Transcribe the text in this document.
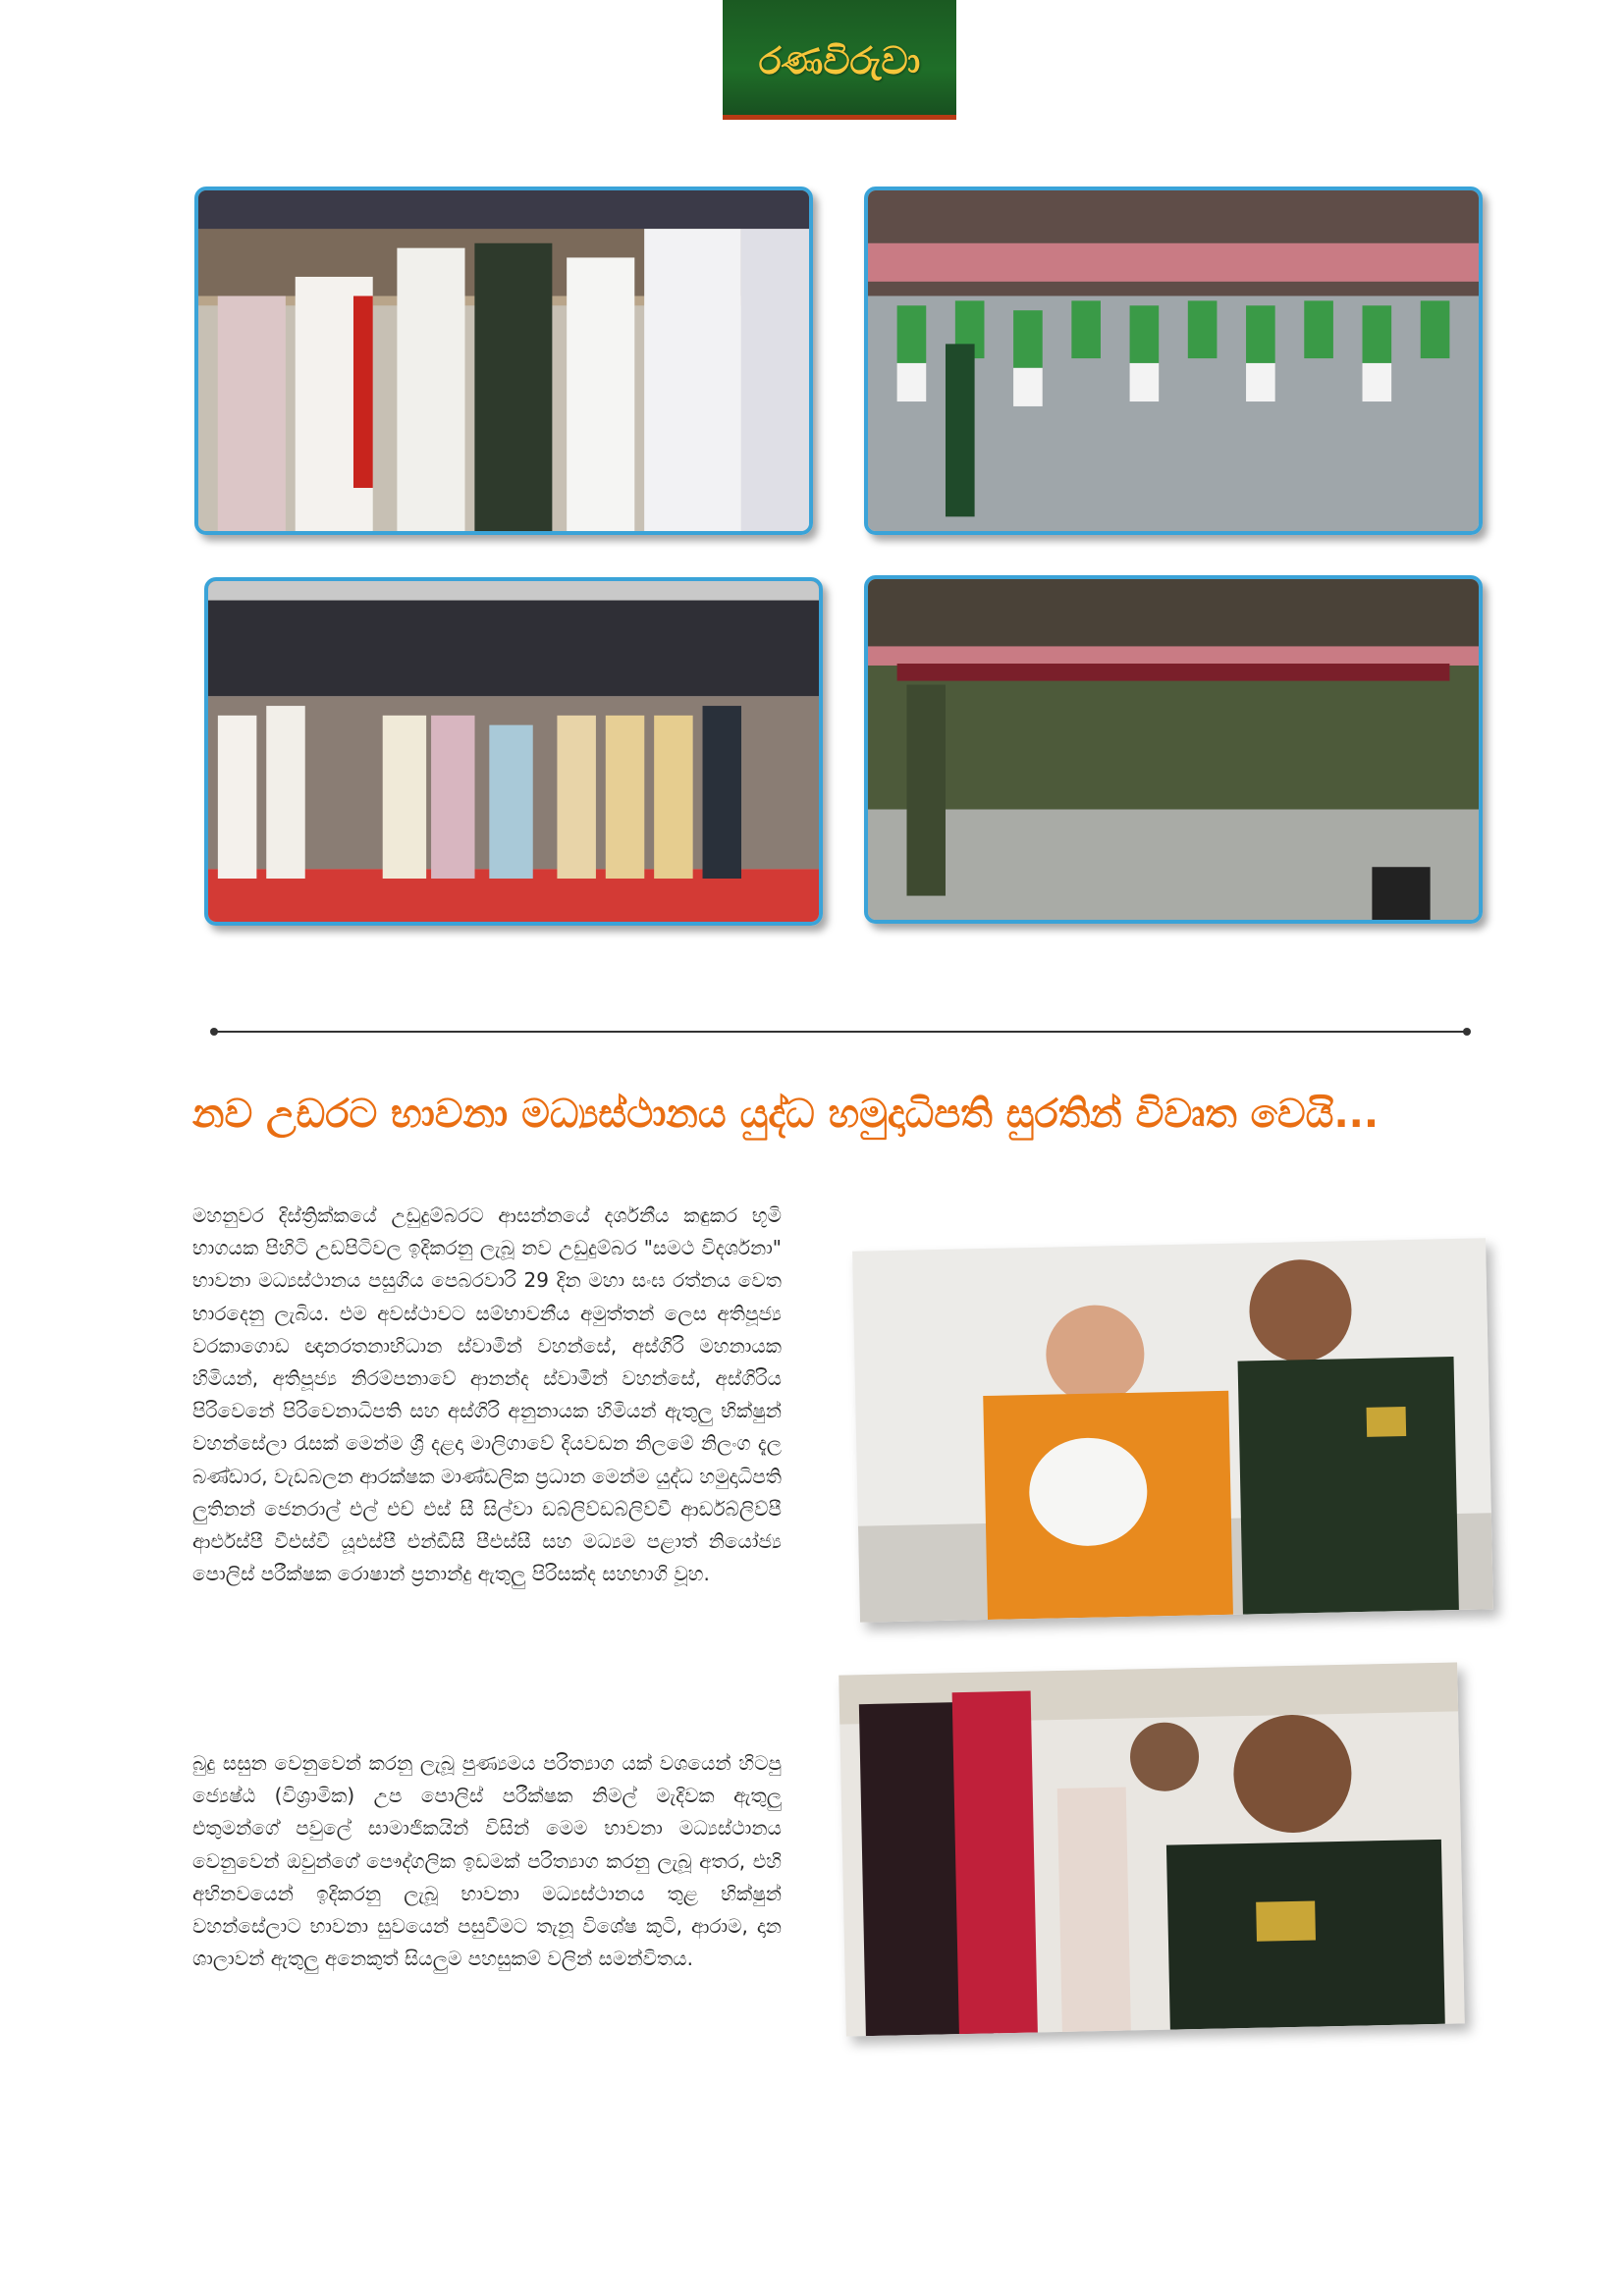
රණවිරුවා
නව උඩරට භාවනා මධ්‍යස්ථානය යුද්ධ හමුදාධිපති සුරතින් විවෘත වෙයි...
මහනුවර දිස්ත්‍රික්කයේ උඩුදුම්බරට ආසන්නයේ දර්ශනීය කඳුකර භූමි භාගයක පිහිටි උඩපිටිවල ඉදිකරනු ලැබූ නව උඩුදුම්බර "සමථ විදර්ශනා" භාවනා මධ්‍යස්ථානය පසුගිය පෙබරවාරි 29 දින මහා සංඝ රත්නය වෙත භාරදෙනු ලැබිය. එම අවස්ථාවට සම්භාවනීය අමුත්තන් ලෙස අතිපූජ්‍ය වරකාගොඩ ඥානරතනාභිධාන ස්වාමීන් වහන්සේ, අස්ගිරි මහනායක හිමියන්, අතිපූජ්‍ය නිරම්පනාවේ ආනන්ද ස්වාමීන් වහන්සේ, අස්ගිරිය පිරිවෙනේ පිරිවෙනාධිපති සහ අස්ගිරි අනුනායක හිමියන් ඇතුලු භික්ෂුන් වහන්සේලා රැසක් මෙන්ම ශ්‍රී දළදා මාලිගාවේ දියවඩන නිලමේ නිලංග දැල බණ්ඩාර, වැඩබලන ආරක්ෂක මාණ්ඩලික ප්‍රධාන මෙන්ම යුද්ධ හමුදාධිපති ලුතිනන් ජෙනරාල් එල් එච් එස් සී සිල්වා ඩබ්ලිව්ඩබ්ලිව්වී ආර්ඩබ්ලිව්පී ආර්එස්පී වීඑස්වී යූඑස්පී එන්ඩීසී පීඑස්සී සහ මධ්‍යම පළාත් නියෝජ්‍ය පොලිස් පරීක්ෂක රොෂාන් ප්‍රනාන්දු ඇතුලු පිරිසක්ද සහභාගි වූහ.
බුදු සසුන වෙනුවෙන් කරනු ලැබූ පුණ්‍යමය පරිත්‍යාග යක් වශයෙන් හිටපු ජ්‍යෙෂ්ඨ (විශ්‍රාමික) උප පොලිස් පරීක්ෂක නිමල් මැදිවක ඇතුලු එතුමන්ගේ පවුලේ සාමාජිකයින් විසින් මෙම භාවනා මධ්‍යස්ථානය වෙනුවෙන් ඔවුන්ගේ පෞද්ගලික ඉඩමක් පරිත්‍යාග කරනු ලැබූ අතර, එහි අභිනවයෙන් ඉදිකරනු ලැබූ භාවනා මධ්‍යස්ථානය තුළ භික්ෂුන් වහන්සේලාට භාවනා සුවයෙන් පසුවීමට තැනූ විශේෂ කුටි, ආරාම, දාන ශාලාවන් ඇතුලු අනෙකුත් සියලුම පහසුකම් වලින් සමන්විතය.
